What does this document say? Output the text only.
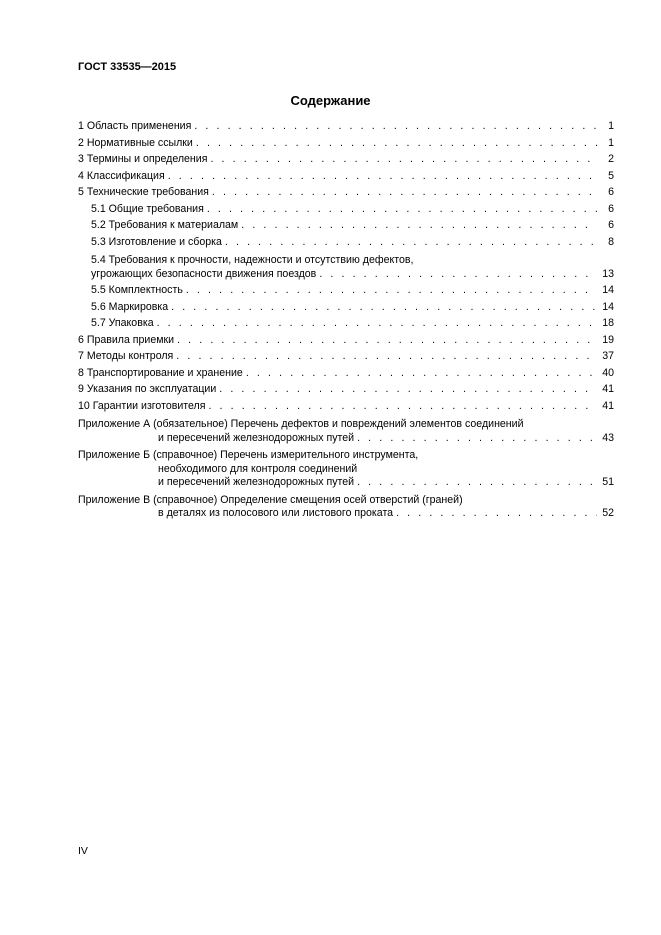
ГОСТ 33535—2015
Содержание
1 Область применения . . .	1
2 Нормативные ссылки . . .	1
3 Термины и определения . . .	2
4 Классификация . . .	5
5 Технические требования . . .	6
5.1 Общие требования . . .	6
5.2 Требования к материалам . . .	6
5.3 Изготовление и сборка . . .	8
5.4 Требования к прочности, надежности и отсутствию дефектов,
угрожающих безопасности движения поездов . . .	13
5.5 Комплектность . . .	14
5.6 Маркировка . . .	14
5.7 Упаковка . . .	18
6 Правила приемки . . .	19
7 Методы контроля . . .	37
8 Транспортирование и хранение . . .	40
9 Указания по эксплуатации . . .	41
10 Гарантии изготовителя . . .	41
Приложение А (обязательное) Перечень дефектов и повреждений элементов соединений
и пересечений железнодорожных путей . . .	43
Приложение Б (справочное) Перечень измерительного инструмента,
необходимого для контроля соединений
и пересечений железнодорожных путей . . .	51
Приложение В (справочное) Определение смещения осей отверстий (граней)
в деталях из полосового или листового проката . . .	52
IV
